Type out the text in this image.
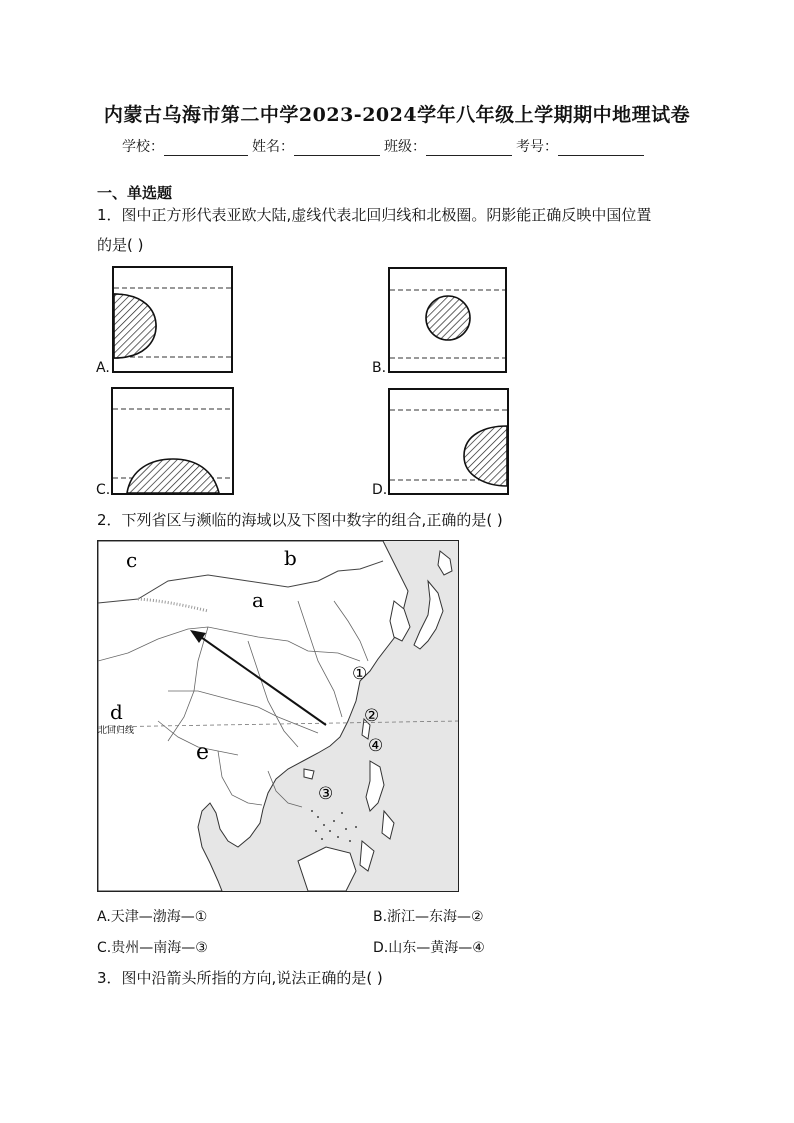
内蒙古乌海市第二中学2023-2024学年八年级上学期期中地理试卷
学校：	姓名：	班级：	考号：
一、单选题
1．图中正方形代表亚欧大陆,虚线代表北回归线和北极圈。阴影能正确反映中国位置
的是( )
A.	B.
C.	D.
2．下列省区与濒临的海域以及下图中数字的组合,正确的是( )
c	b
a
d
e
北回归线
①
②
④
③
A.天津—渤海—①	B.浙江—东海—②
C.贵州—南海—③	D.山东—黄海—④
3．图中沿箭头所指的方向,说法正确的是( )
